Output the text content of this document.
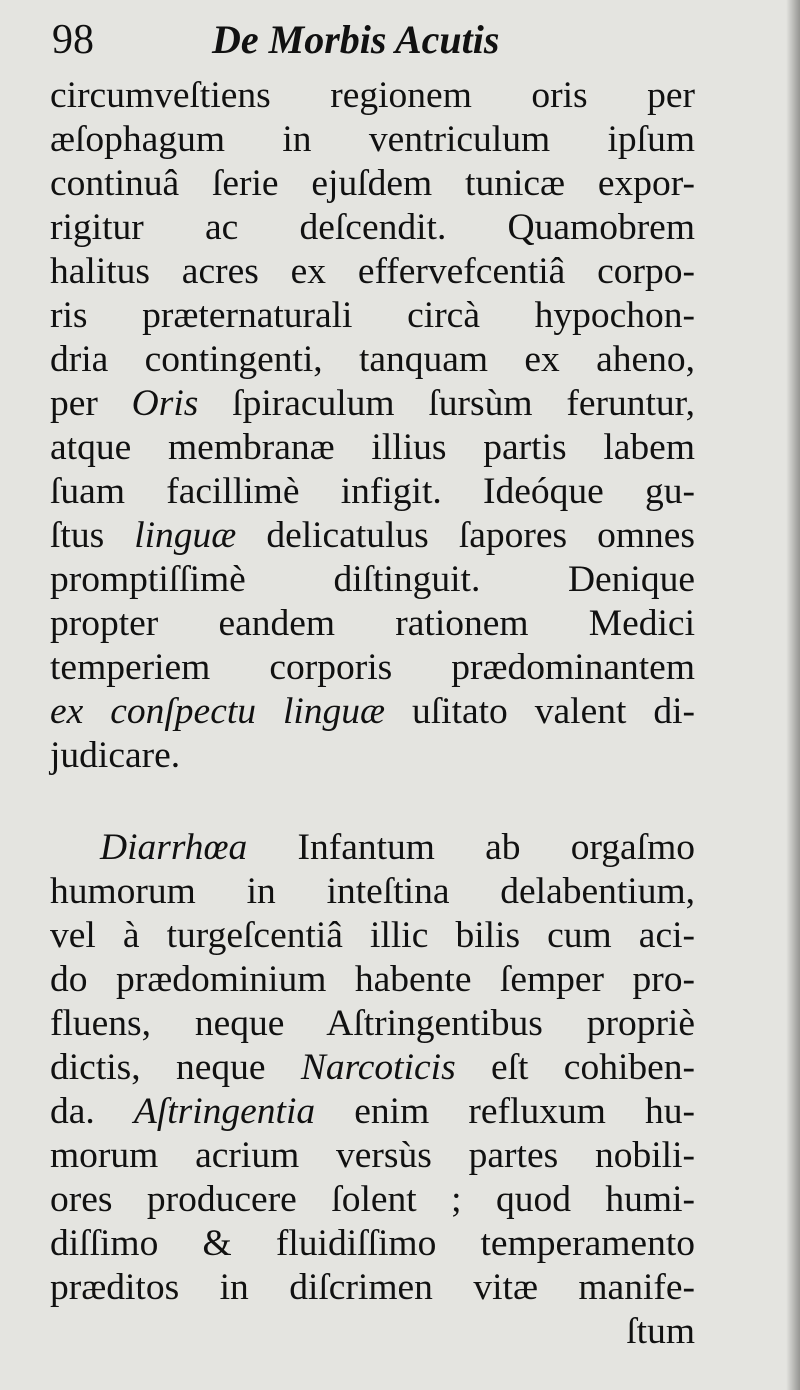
98	De Morbis Acutis
circumveſtiens regionem oris per
æſophagum in ventriculum ipſum
continuâ ſerie ejuſdem tunicæ expor-
rigitur ac deſcendit. Quamobrem
halitus acres ex effervefcentiâ corpo-
ris præternaturali circà hypochon-
dria contingenti, tanquam ex aheno,
per Oris ſpiraculum ſursùm feruntur,
atque membranæ illius partis labem
ſuam facillimè infigit. Ideóque gu-
ſtus linguæ delicatulus ſapores omnes
promptiſſimè diſtinguit. Denique
propter eandem rationem Medici
temperiem corporis prædominantem
ex conſpectu linguæ uſitato valent di-
judicare.
Diarrhœa Infantum ab orgaſmo
humorum in inteſtina delabentium,
vel à turgeſcentiâ illic bilis cum aci-
do prædominium habente ſemper pro-
fluens, neque Aſtringentibus propriè
dictis, neque Narcoticis eſt cohiben-
da. Aſtringentia enim refluxum hu-
morum acrium versùs partes nobili-
ores producere ſolent ; quod humi-
diſſimo & fluidiſſimo temperamento
præditos in diſcrimen vitæ manife-
ſtum
